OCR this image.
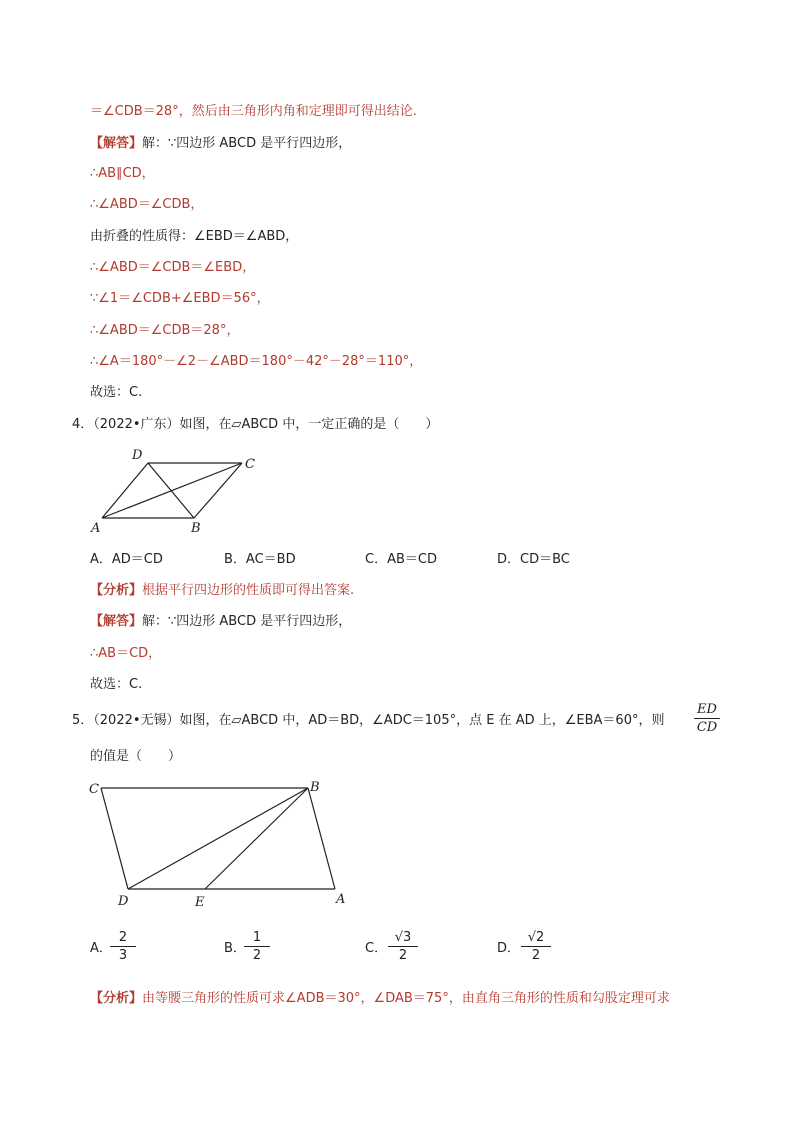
＝∠CDB＝28°，然后由三角形内角和定理即可得出结论.
【解答】解：∵四边形 ABCD 是平行四边形，
∴AB∥CD，
∴∠ABD＝∠CDB，
由折叠的性质得：∠EBD＝∠ABD，
∴∠ABD＝∠CDB＝∠EBD，
∵∠1＝∠CDB+∠EBD＝56°，
∴∠ABD＝∠CDB＝28°，
∴∠A＝180°－∠2－∠ABD＝180°－42°－28°＝110°，
故选：C.
4．（2022•广东）如图，在▱ABCD 中，一定正确的是（　　）
A	B
C
D
A．AD＝CD	B．AC＝BD	C．AB＝CD	D．CD＝BC
【分析】根据平行四边形的性质即可得出答案.
【解答】解：∵四边形 ABCD 是平行四边形，
∴AB＝CD，
故选：C.
5．（2022•无锡）如图，在▱ABCD 中，AD＝BD，∠ADC＝105°，点 E 在 AD 上，∠EBA＝60°，则
ED
CD
的值是（　　）
C	B
D	E	A
A．
2
3	B．
1
2	C．
√3
2	D．
√2
2
【分析】由等腰三角形的性质可求∠ADB＝30°，∠DAB＝75°，由直角三角形的性质和勾股定理可求
